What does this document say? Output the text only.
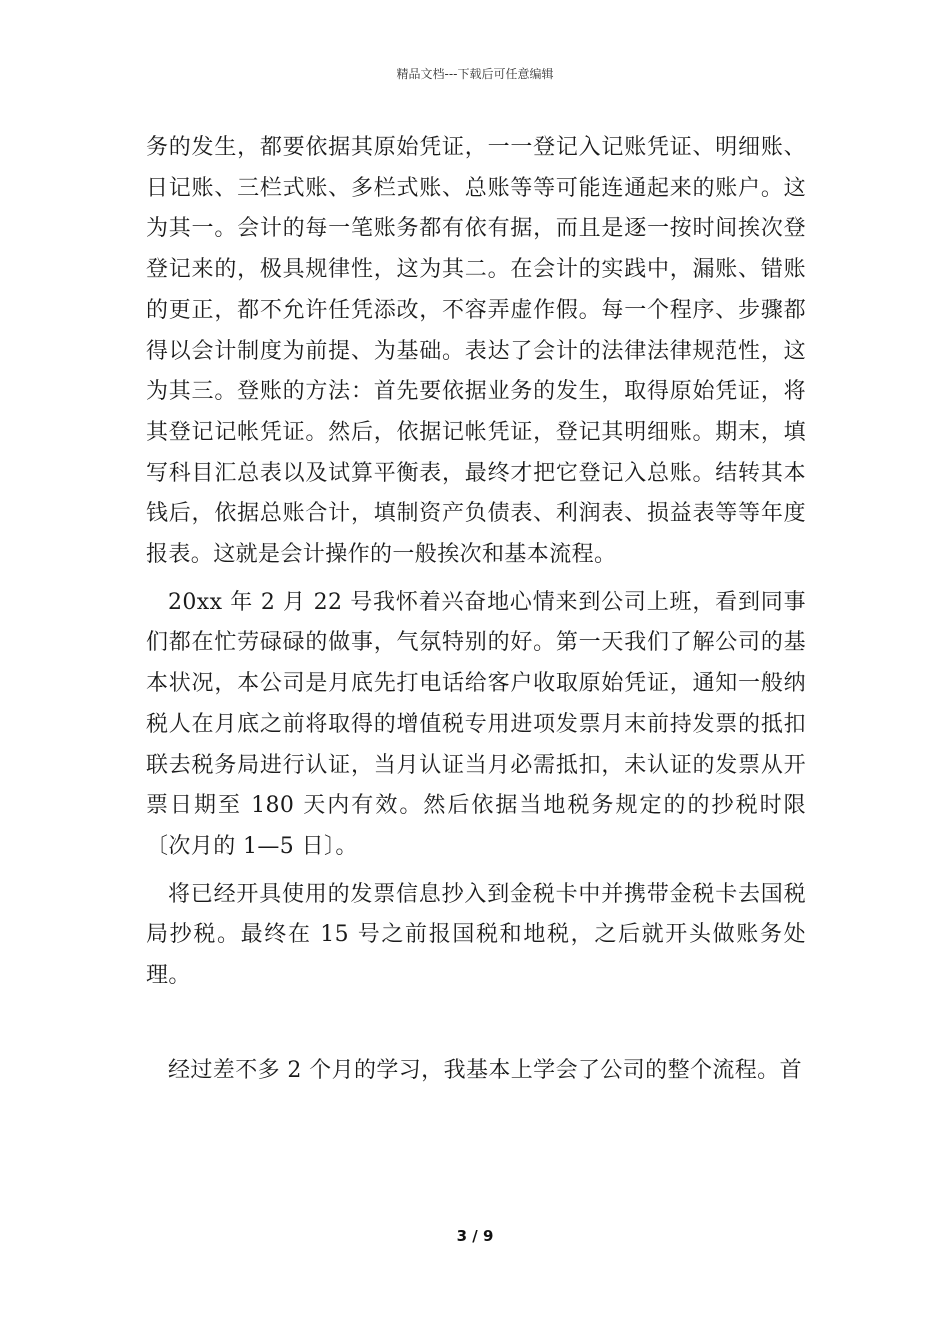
精品文档---下载后可任意编辑

务的发生，都要依据其原始凭证，一一登记入记账凭证、明细账、日记账、三栏式账、多栏式账、总账等等可能连通起来的账户。这为其一。会计的每一笔账务都有依有据，而且是逐一按时间挨次登登记来的，极具规律性，这为其二。在会计的实践中，漏账、错账的更正，都不允许任凭添改，不容弄虚作假。每一个程序、步骤都得以会计制度为前提、为基础。表达了会计的法律法律规范性，这为其三。登账的方法：首先要依据业务的发生，取得原始凭证，将其登记记帐凭证。然后，依据记帐凭证，登记其明细账。期末，填写科目汇总表以及试算平衡表，最终才把它登记入总账。结转其本钱后，依据总账合计，填制资产负债表、利润表、损益表等等年度报表。这就是会计操作的一般挨次和基本流程。

20xx 年 2 月 22 号我怀着兴奋地心情来到公司上班，看到同事们都在忙劳碌碌的做事，气氛特别的好。第一天我们了解公司的基本状况，本公司是月底先打电话给客户收取原始凭证，通知一般纳税人在月底之前将取得的增值税专用进项发票月末前持发票的抵扣联去税务局进行认证，当月认证当月必需抵扣，未认证的发票从开票日期至 180 天内有效。然后依据当地税务规定的的抄税时限〔次月的 1—5 日〕。

将已经开具使用的发票信息抄入到金税卡中并携带金税卡去国税局抄税。最终在 15 号之前报国税和地税，之后就开头做账务处理。

经过差不多 2 个月的学习，我基本上学会了公司的整个流程。首

3 / 9
